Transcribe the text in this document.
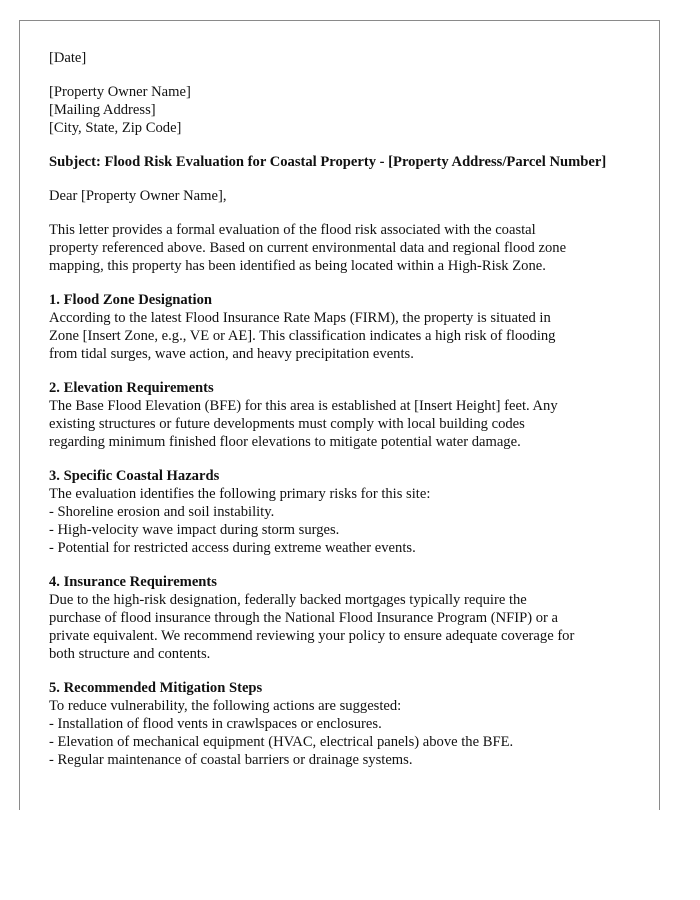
[Date]
[Property Owner Name]
[Mailing Address]
[City, State, Zip Code]
Subject: Flood Risk Evaluation for Coastal Property - [Property Address/Parcel Number]
Dear [Property Owner Name],
This letter provides a formal evaluation of the flood risk associated with the coastal
property referenced above. Based on current environmental data and regional flood zone
mapping, this property has been identified as being located within a High-Risk Zone.
1. Flood Zone Designation
According to the latest Flood Insurance Rate Maps (FIRM), the property is situated in
Zone [Insert Zone, e.g., VE or AE]. This classification indicates a high risk of flooding
from tidal surges, wave action, and heavy precipitation events.
2. Elevation Requirements
The Base Flood Elevation (BFE) for this area is established at [Insert Height] feet. Any
existing structures or future developments must comply with local building codes
regarding minimum finished floor elevations to mitigate potential water damage.
3. Specific Coastal Hazards
The evaluation identifies the following primary risks for this site:
- Shoreline erosion and soil instability.
- High-velocity wave impact during storm surges.
- Potential for restricted access during extreme weather events.
4. Insurance Requirements
Due to the high-risk designation, federally backed mortgages typically require the
purchase of flood insurance through the National Flood Insurance Program (NFIP) or a
private equivalent. We recommend reviewing your policy to ensure adequate coverage for
both structure and contents.
5. Recommended Mitigation Steps
To reduce vulnerability, the following actions are suggested:
- Installation of flood vents in crawlspaces or enclosures.
- Elevation of mechanical equipment (HVAC, electrical panels) above the BFE.
- Regular maintenance of coastal barriers or drainage systems.
